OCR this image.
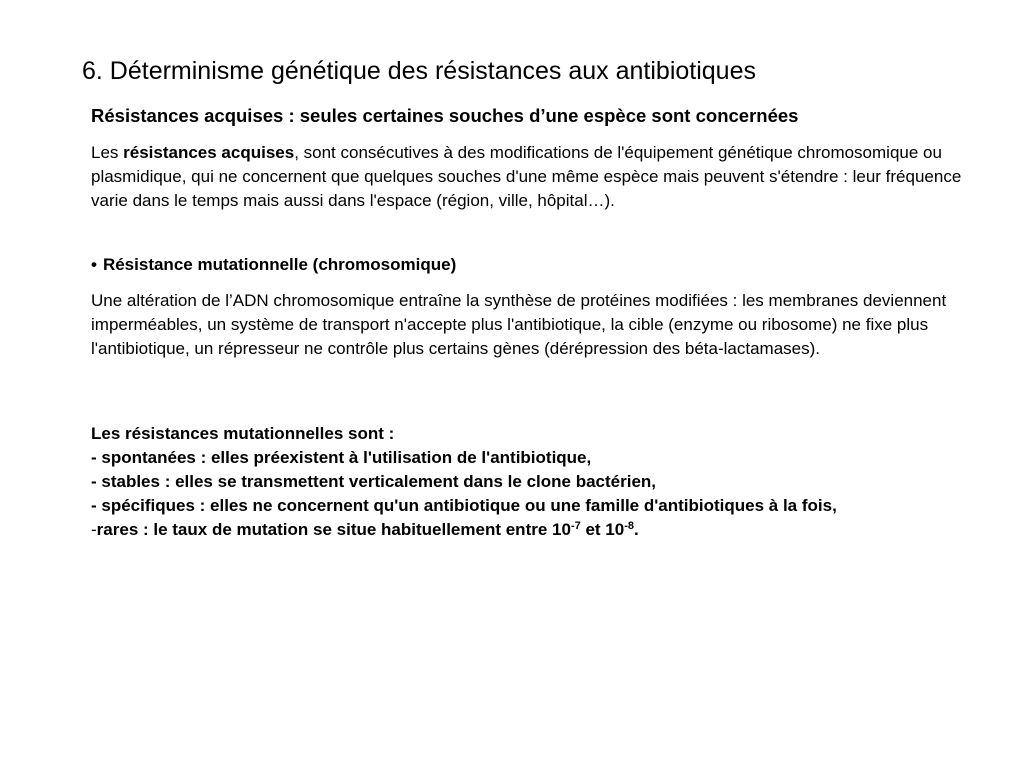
6. Déterminisme génétique des résistances aux antibiotiques
Résistances acquises : seules certaines souches d’une espèce sont concernées
Les résistances acquises, sont consécutives à des modifications de l'équipement génétique chromosomique ou plasmidique, qui ne concernent que quelques souches d'une même espèce mais peuvent s'étendre : leur fréquence varie dans le temps mais aussi dans l'espace (région, ville, hôpital…).
• Résistance mutationnelle (chromosomique)
Une altération de l’ADN chromosomique entraîne la synthèse de protéines modifiées : les membranes deviennent imperméables, un système de transport n'accepte plus l'antibiotique, la cible (enzyme ou ribosome) ne fixe plus l'antibiotique, un répresseur ne contrôle plus certains gènes (dérépression des béta-lactamases).
Les résistances mutationnelles sont :
- spontanées : elles préexistent à l'utilisation de l'antibiotique,
- stables : elles se transmettent verticalement dans le clone bactérien,
- spécifiques : elles ne concernent qu'un antibiotique ou une famille d'antibiotiques à la fois,
-rares : le taux de mutation se situe habituellement entre $10^{-7}$ et $10^{-8}$.
